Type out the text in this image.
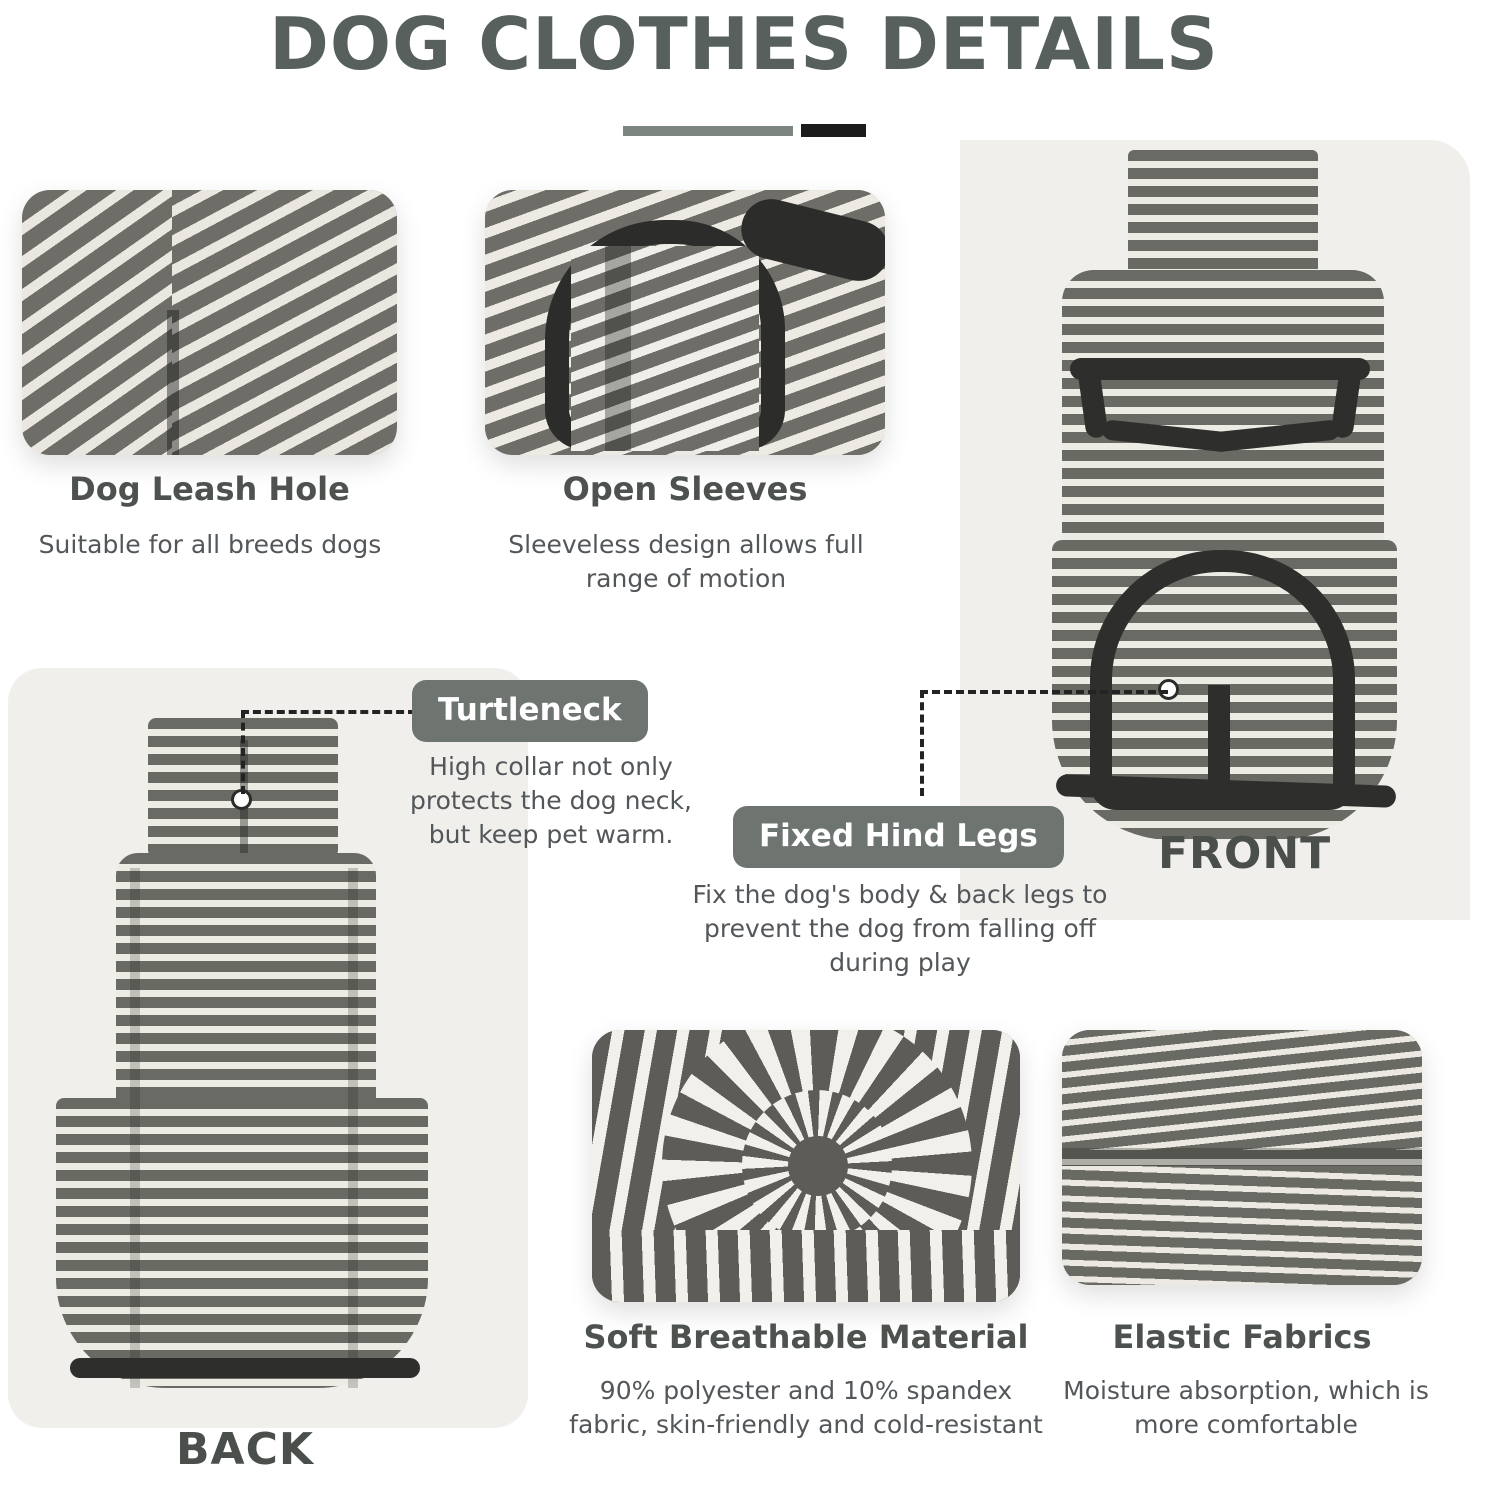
DOG CLOTHES DETAILS
Dog Leash Hole
Suitable for all breeds dogs
Open Sleeves
Sleeveless design allows full range of motion
FRONT
BACK
Turtleneck
High collar not only protects the dog neck, but keep pet warm.	Fixed Hind Legs
Fix the dog's body & back legs to prevent the dog from falling off during play
Soft Breathable Material
90% polyester and 10% spandex fabric, skin-friendly and cold-resistant
Elastic Fabrics
Moisture absorption, which is more comfortable
